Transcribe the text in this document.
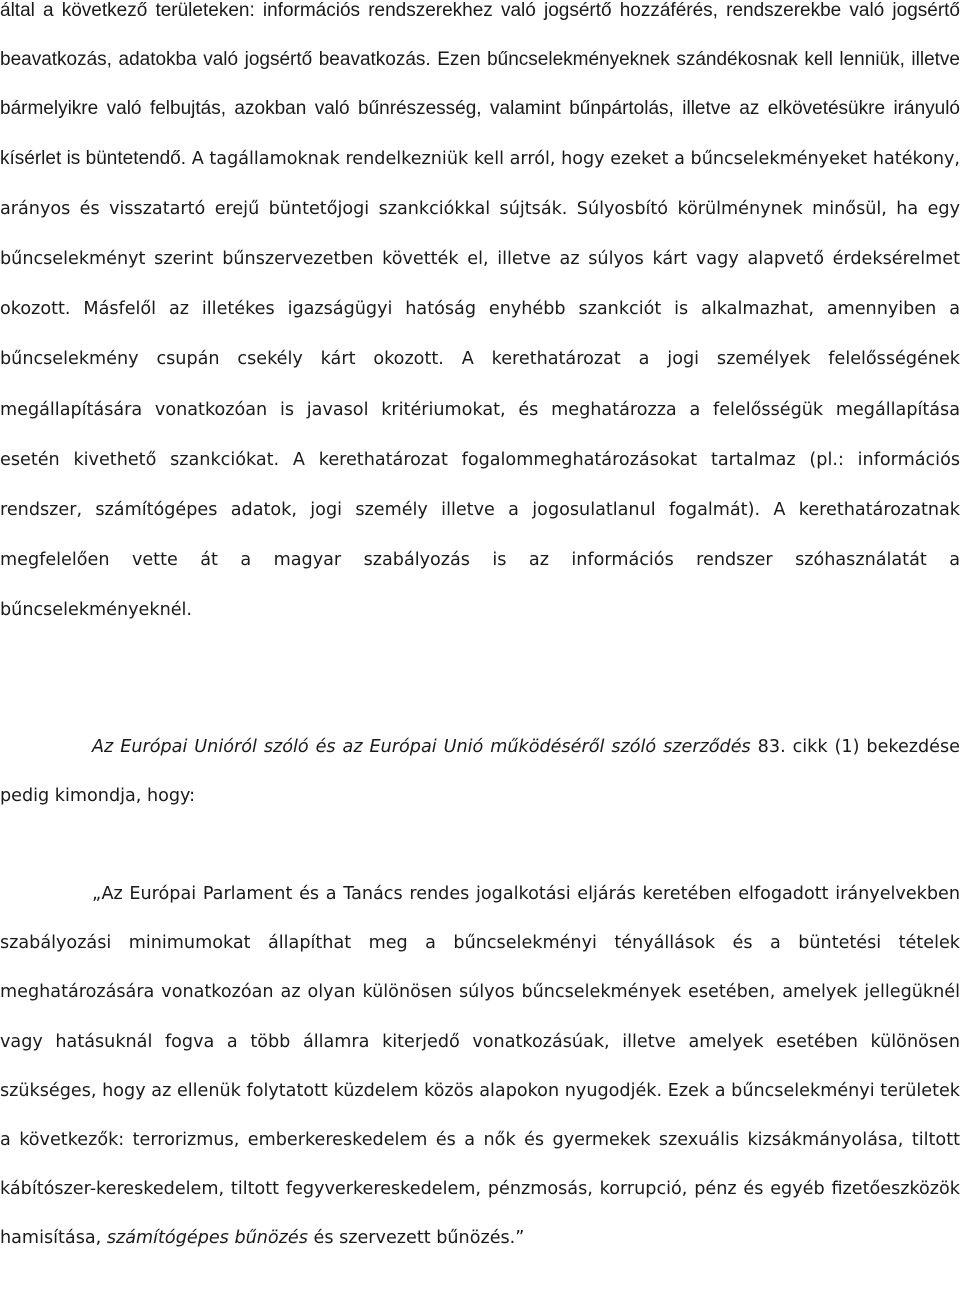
által a következő területeken: információs rendszerekhez való jogsértő hozzáférés, rendszerekbe való jogsértő beavatkozás, adatokba való jogsértő beavatkozás. Ezen bűncselekményeknek szándékosnak kell lenniük, illetve bármelyikre való felbujtás, azokban való bűnrészesség, valamint bűnpártolás, illetve az elkövetésükre irányuló kísérlet is büntetendő. A tagállamoknak rendelkezniük kell arról, hogy ezeket a bűncselekményeket hatékony, arányos és visszatartó erejű büntetőjogi szankciókkal sújtsák. Súlyosbító körülménynek minősül, ha egy bűncselekményt szerint bűnszervezetben követték el, illetve az súlyos kárt vagy alapvető érdeksérelmet okozott. Másfelől az illetékes igazságügyi hatóság enyhébb szankciót is alkalmazhat, amennyiben a bűncselekmény csupán csekély kárt okozott. A kerethatározat a jogi személyek felelősségének megállapítására vonatkozóan is javasol kritériumokat, és meghatározza a felelősségük megállapítása esetén kivethető szankciókat. A kerethatározat fogalommeghatározásokat tartalmaz (pl.: információs rendszer, számítógépes adatok, jogi személy illetve a jogosulatlanul fogalmát). A kerethatározatnak megfelelően vette át a magyar szabályozás is az információs rendszer szóhasználatát a bűncselekményeknél.

Az Európai Unióról szóló és az Európai Unió működéséről szóló szerződés 83. cikk (1) bekezdése pedig kimondja, hogy:

„Az Európai Parlament és a Tanács rendes jogalkotási eljárás keretében elfogadott irányelvekben szabályozási minimumokat állapíthat meg a bűncselekményi tényállások és a büntetési tételek meghatározására vonatkozóan az olyan különösen súlyos bűncselekmények esetében, amelyek jellegüknél vagy hatásuknál fogva a több államra kiterjedő vonatkozásúak, illetve amelyek esetében különösen szükséges, hogy az ellenük folytatott küzdelem közös alapokon nyugodjék. Ezek a bűncselekményi területek a következők: terrorizmus, emberkereskedelem és a nők és gyermekek szexuális kizsákmányolása, tiltott kábítószer-kereskedelem, tiltott fegyverkereskedelem, pénzmosás, korrupció, pénz és egyéb fizetőeszközök hamisítása, számítógépes bűnözés és szervezett bűnözés.”
